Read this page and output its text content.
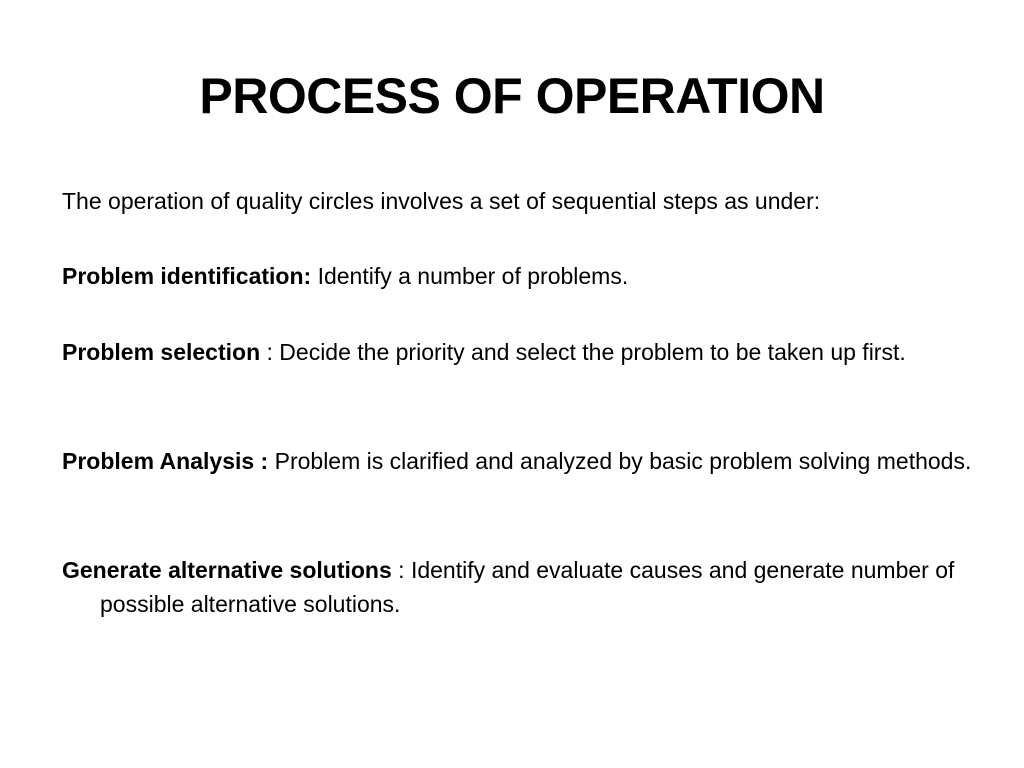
PROCESS OF OPERATION
The operation of quality circles involves a set of sequential steps as under:
Problem identification: Identify a number of problems.
Problem selection : Decide the priority and select the problem to be taken up first.
Problem Analysis : Problem is clarified and analyzed by basic problem solving methods.
Generate alternative solutions : Identify and evaluate causes and generate number of possible alternative solutions.
